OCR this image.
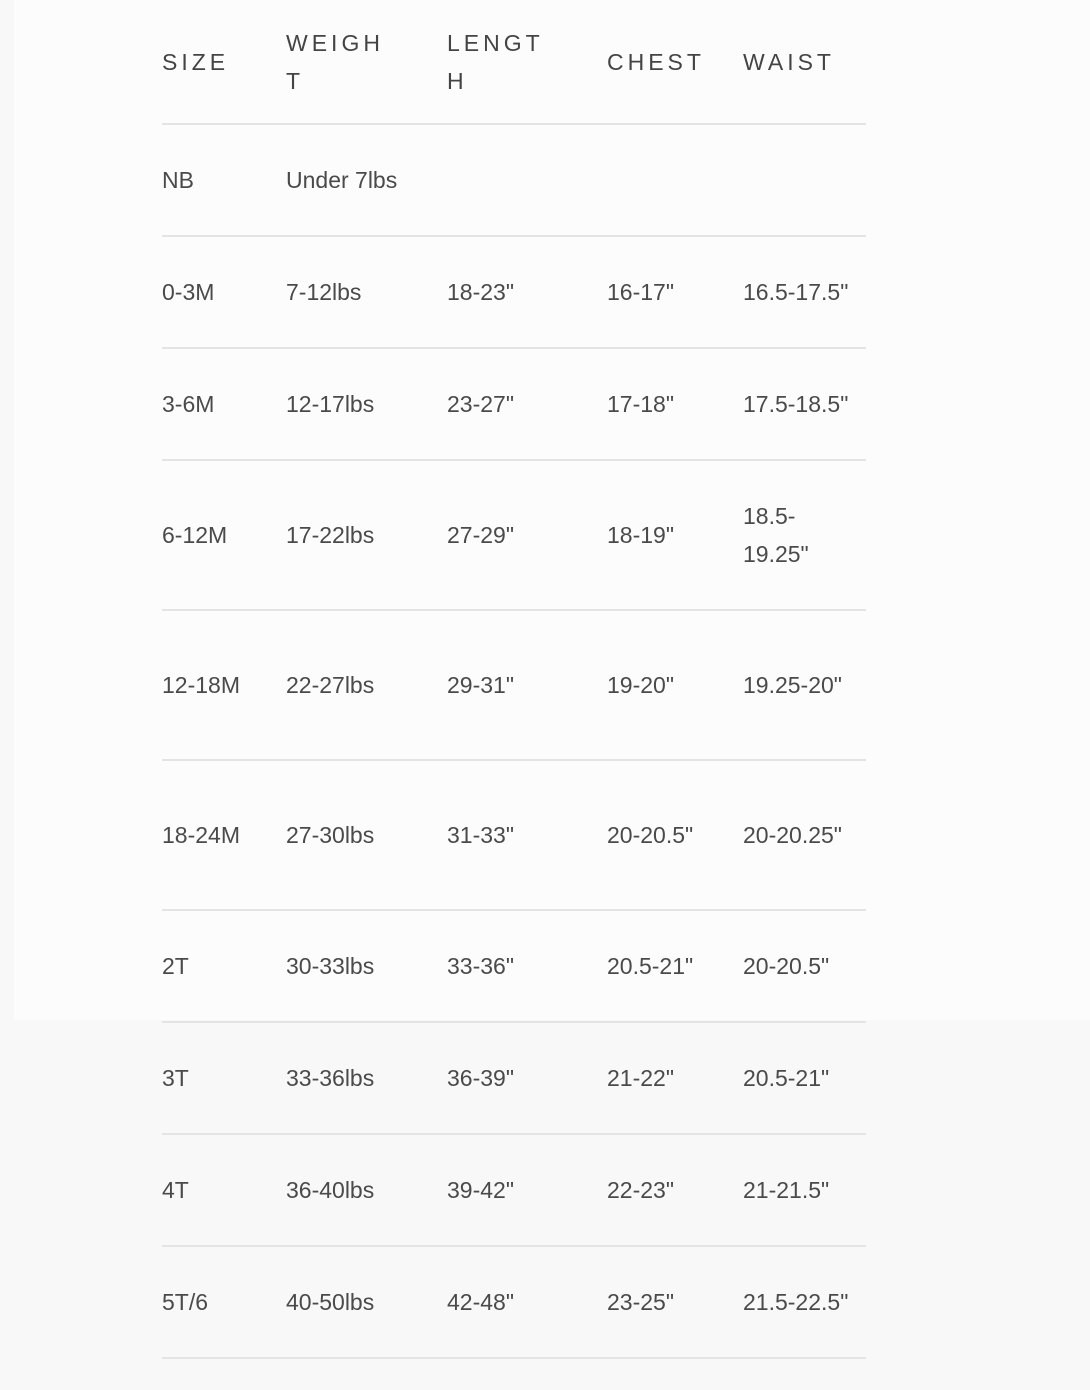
SIZE	WEIGHT	LENGTH	CHEST	WAIST

NB	Under 7lbs			

0-3M	7-12lbs	18-23"	16-17"	16.5-17.5"

3-6M	12-17lbs	23-27"	17-18"	17.5-18.5"

6-12M	17-22lbs	27-29"	18-19"	18.5-19.25"

12-18M	22-27lbs	29-31"	19-20"	19.25-20"

18-24M	27-30lbs	31-33"	20-20.5"	20-20.25"

2T	30-33lbs	33-36"	20.5-21"	20-20.5"

3T	33-36lbs	36-39"	21-22"	20.5-21"

4T	36-40lbs	39-42"	22-23"	21-21.5"

5T/6	40-50lbs	42-48"	23-25"	21.5-22.5"
